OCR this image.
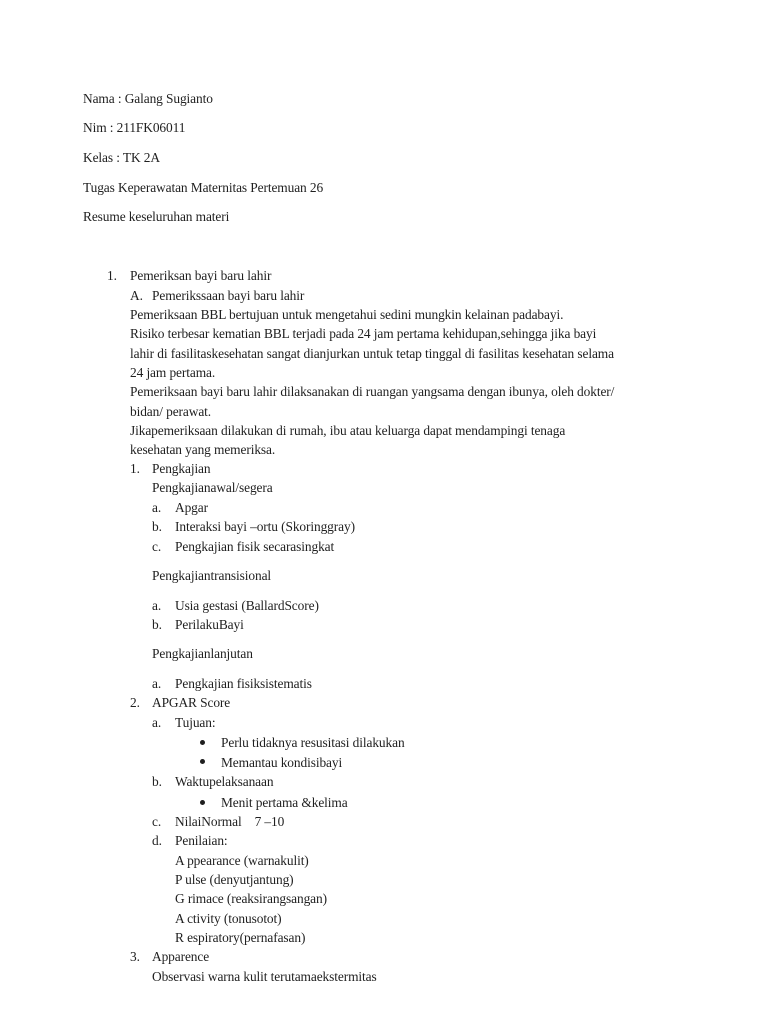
Nama : Galang Sugianto
Nim : 211FK06011
Kelas : TK 2A
Tugas Keperawatan Maternitas Pertemuan 26
Resume keseluruhan materi
1. Pemeriksan bayi baru lahir
A. Pemerikssaan bayi baru lahir
Pemeriksaan BBL bertujuan untuk mengetahui sedini mungkin kelainan padabayi.
Risiko terbesar kematian BBL terjadi pada 24 jam pertama kehidupan,sehingga jika bayi
lahir di fasilitaskesehatan sangat dianjurkan untuk tetap tinggal di fasilitas kesehatan selama
24 jam pertama.
Pemeriksaan bayi baru lahir dilaksanakan di ruangan yangsama dengan ibunya, oleh dokter/
bidan/ perawat.
Jikapemeriksaan dilakukan di rumah, ibu atau keluarga dapat mendampingi tenaga
kesehatan yang memeriksa.
1. Pengkajian
Pengkajianawal/segera
a. Apgar
b. Interaksi bayi –ortu (Skoringgray)
c. Pengkajian fisik secarasingkat
Pengkajiantransisional
a. Usia gestasi (BallardScore)
b. PerilakuBayi
Pengkajianlanjutan
a. Pengkajian fisiksistematis
2. APGAR Score
a. Tujuan:
Perlu tidaknya resusitasi dilakukan
Memantau kondisibayi
b. Waktupelaksanaan
Menit pertama &kelima
c. NilaiNormal    7 –10
d. Penilaian:
A ppearance (warnakulit)
P ulse (denyutjantung)
G rimace (reaksirangsangan)
A ctivity (tonusotot)
R espiratory(pernafasan)
3. Apparence
Observasi warna kulit terutamaekstermitas
